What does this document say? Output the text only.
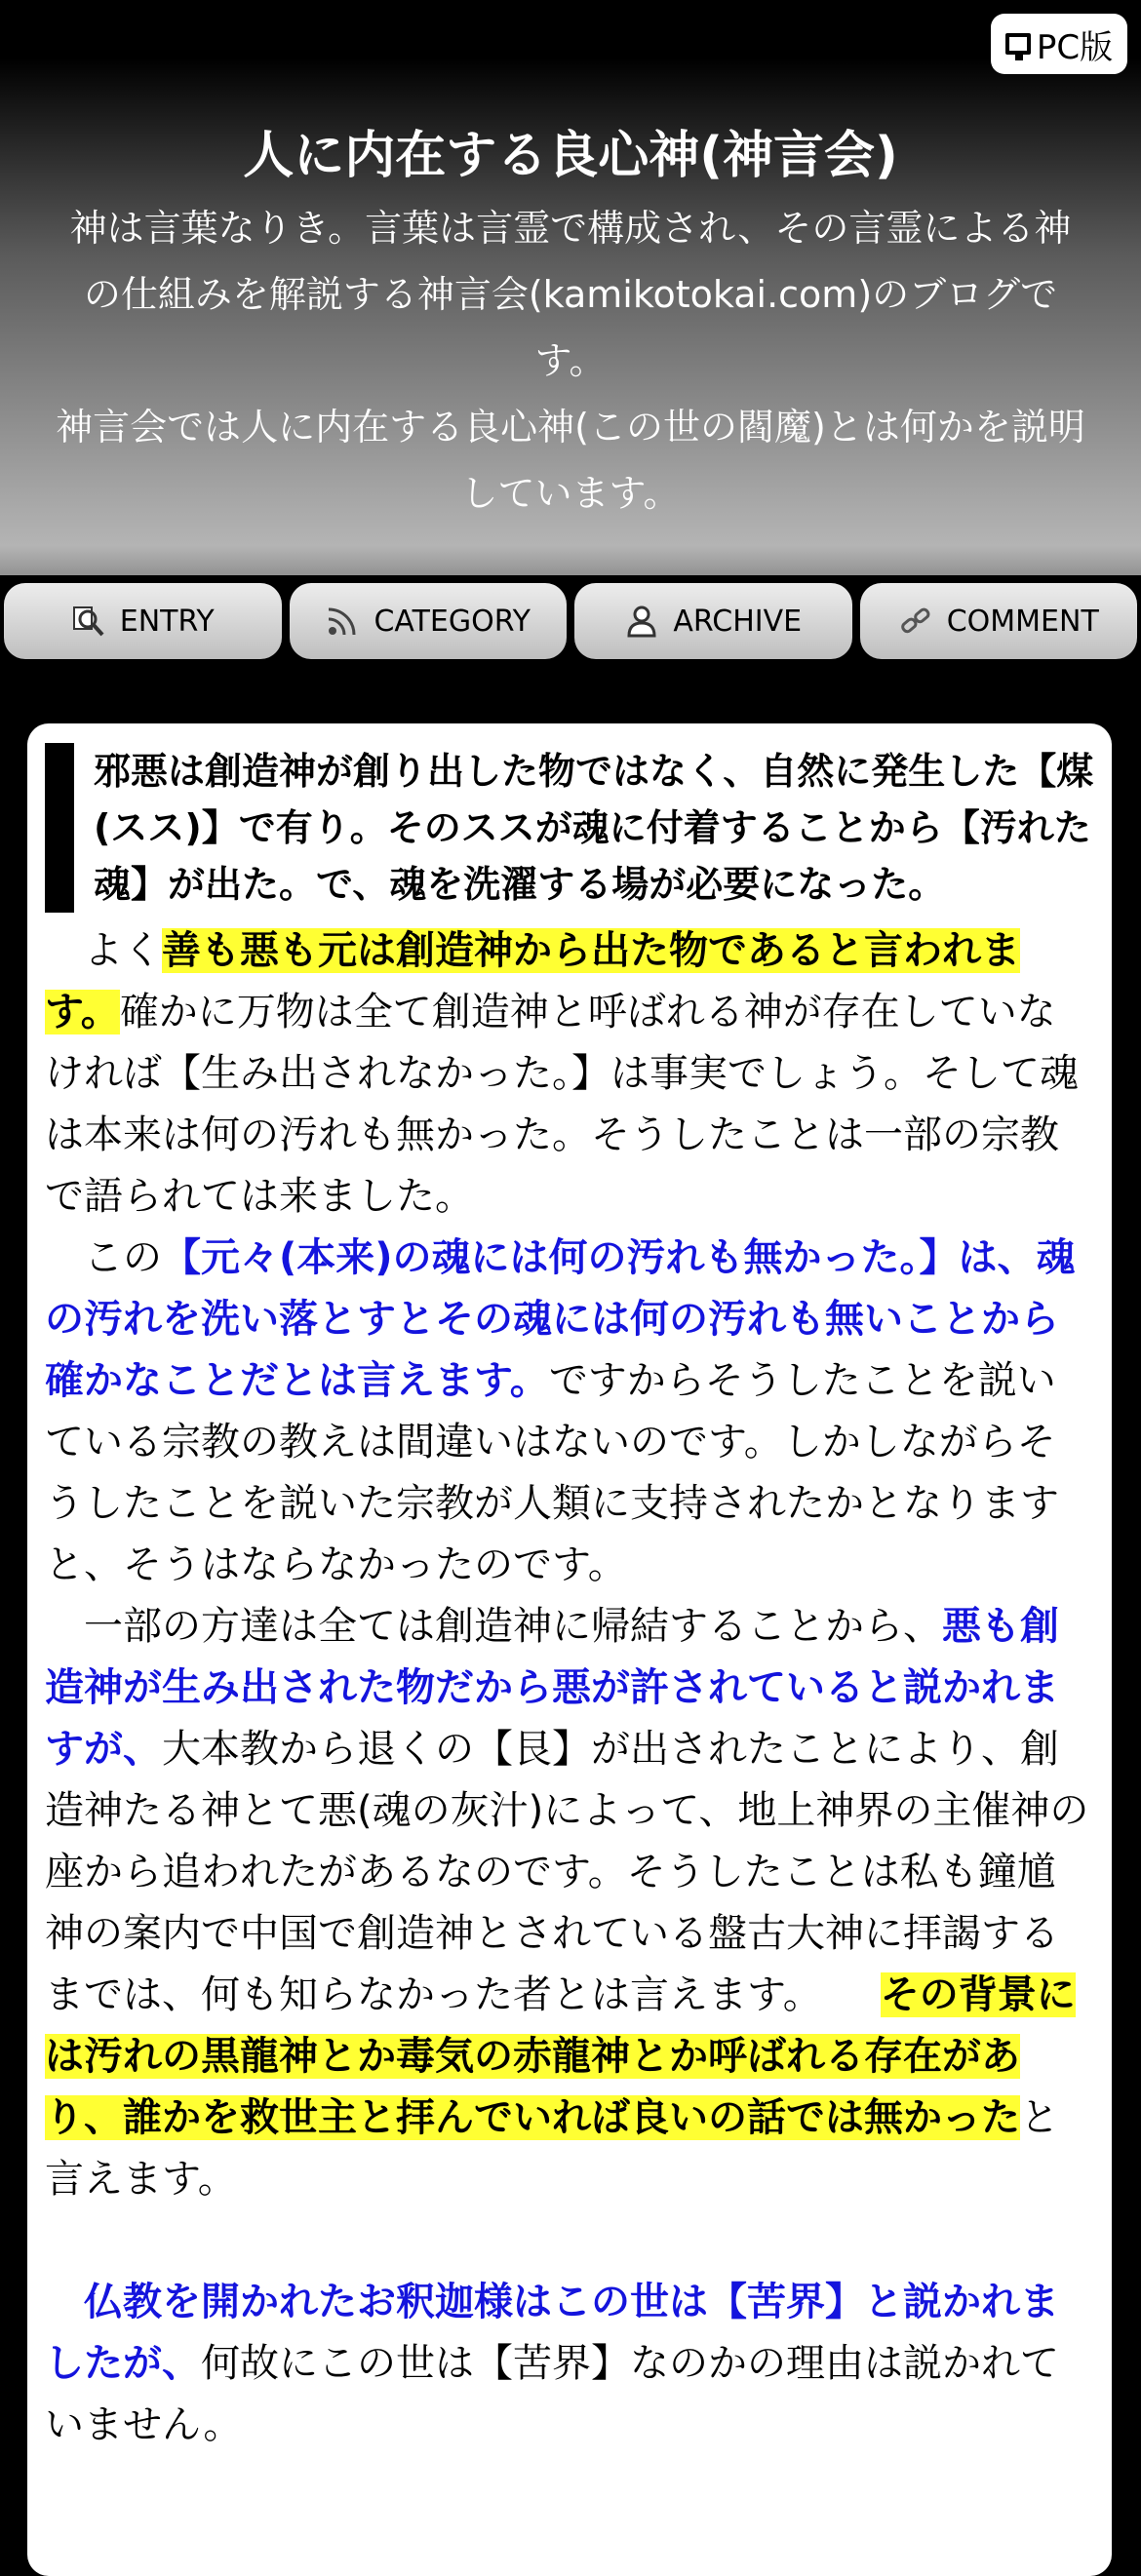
PC版
人に内在する良心神(神言会)
神は言葉なりき。言葉は言霊で構成され、その言霊による神
の仕組みを解説する神言会(kamikotokai.com)のブログで
す。
神言会では人に内在する良心神(この世の閻魔)とは何かを説明
しています。
ENTRY	CATEGORY	ARCHIVE	COMMENT
邪悪は創造神が創り出した物ではなく、自然に発生した【煤(スス)】で有り。そのススが魂に付着することから【汚れた魂】が出た。で、魂を洗濯する場が必要になった。
よく善も悪も元は創造神から出た物であると言われます。確かに万物は全て創造神と呼ばれる神が存在していなければ【生み出されなかった。】は事実でしょう。そして魂は本来は何の汚れも無かった。そうしたことは一部の宗教で語られては来ました。
この【元々(本来)の魂には何の汚れも無かった。】は、魂の汚れを洗い落とすとその魂には何の汚れも無いことから確かなことだとは言えます。ですからそうしたことを説いている宗教の教えは間違いはないのです。しかしながらそうしたことを説いた宗教が人類に支持されたかとなりますと、そうはならなかったのです。
一部の方達は全ては創造神に帰結することから、悪も創造神が生み出された物だから悪が許されていると説かれますが、大本教から退くの【艮】が出されたことにより、創造神たる神とて悪(魂の灰汁)によって、地上神界の主催神の座から追われたがあるなのです。そうしたことは私も鐘馗神の案内で中国で創造神とされている盤古大神に拝謁するまでは、何も知らなかった者とは言えます。　　その背景には汚れの黒龍神とか毒気の赤龍神とか呼ばれる存在があり、誰かを救世主と拝んでいれば良いの話では無かったと言えます。
仏教を開かれたお釈迦様はこの世は【苦界】と説かれましたが、何故にこの世は【苦界】なのかの理由は説かれていません。
